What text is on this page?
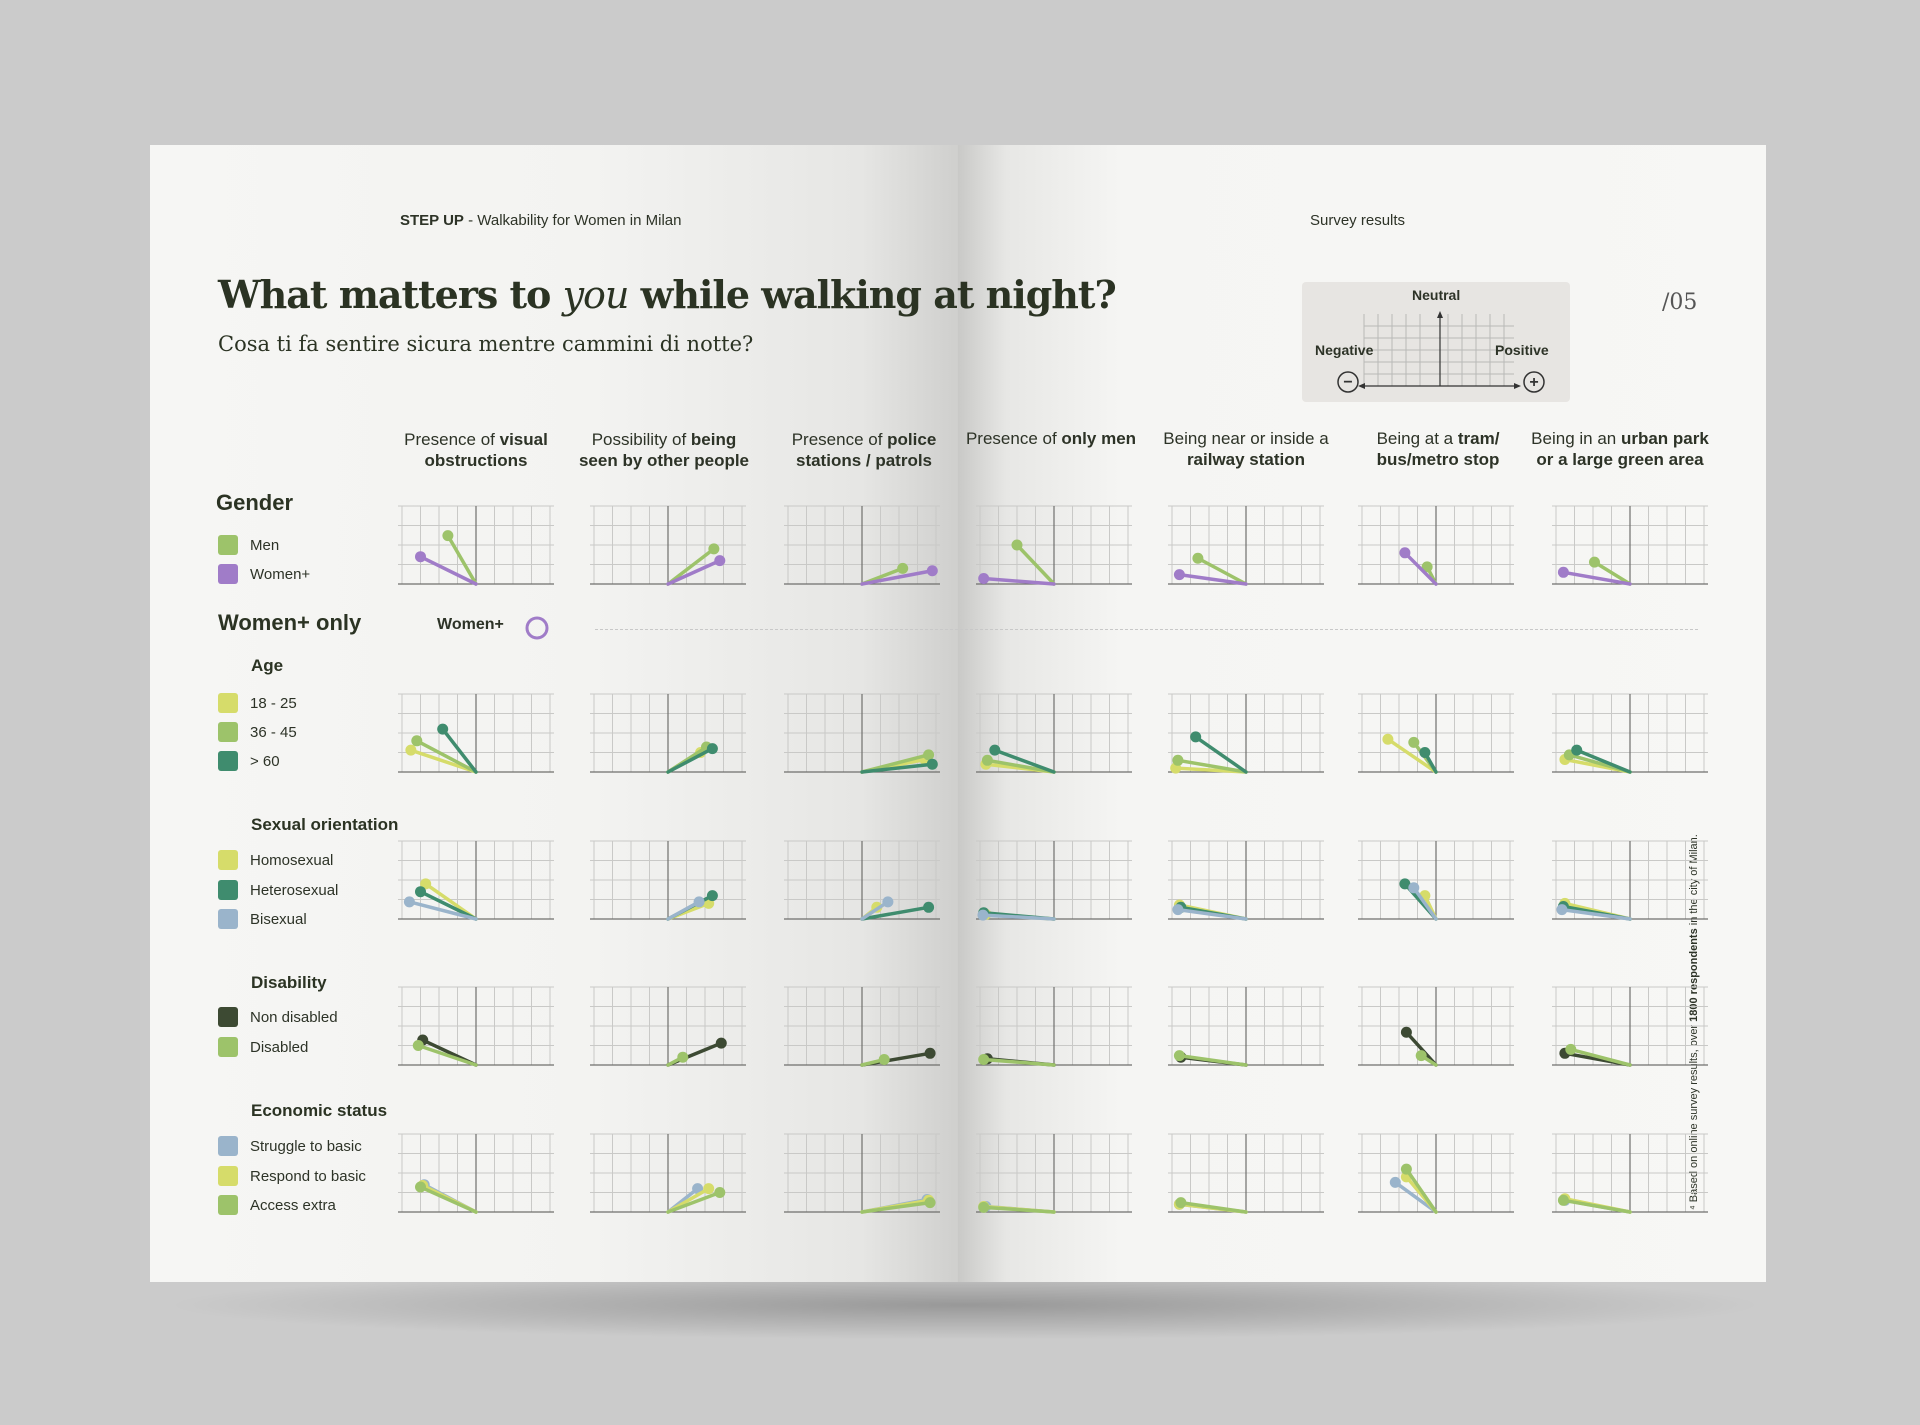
STEP UP - Walkability for Women in Milan	Survey results
/05
What matters to you while walking at night?
Cosa ti fa sentire sicura mentre cammini di notte?
−	+
Neutral
Negative	Positive
Presence of visual obstructions
Possibility of being seen by other people
Presence of police stations / patrols
Presence of only men	Being near or inside a railway station
Being at a tram/ bus/metro stop
Being in an urban park or a large green area
Gender
Men
Women+
Women+ only	Women+
Age
18 - 25
36 - 45
> 60
Sexual orientation
Homosexual
Heterosexual
Bisexual
Disability
Non disabled
Disabled
Economic status
Struggle to basic
Respond to basic
Access extra	⁴ Based on online survey results, over 1800 respondents in the city of Milan.
